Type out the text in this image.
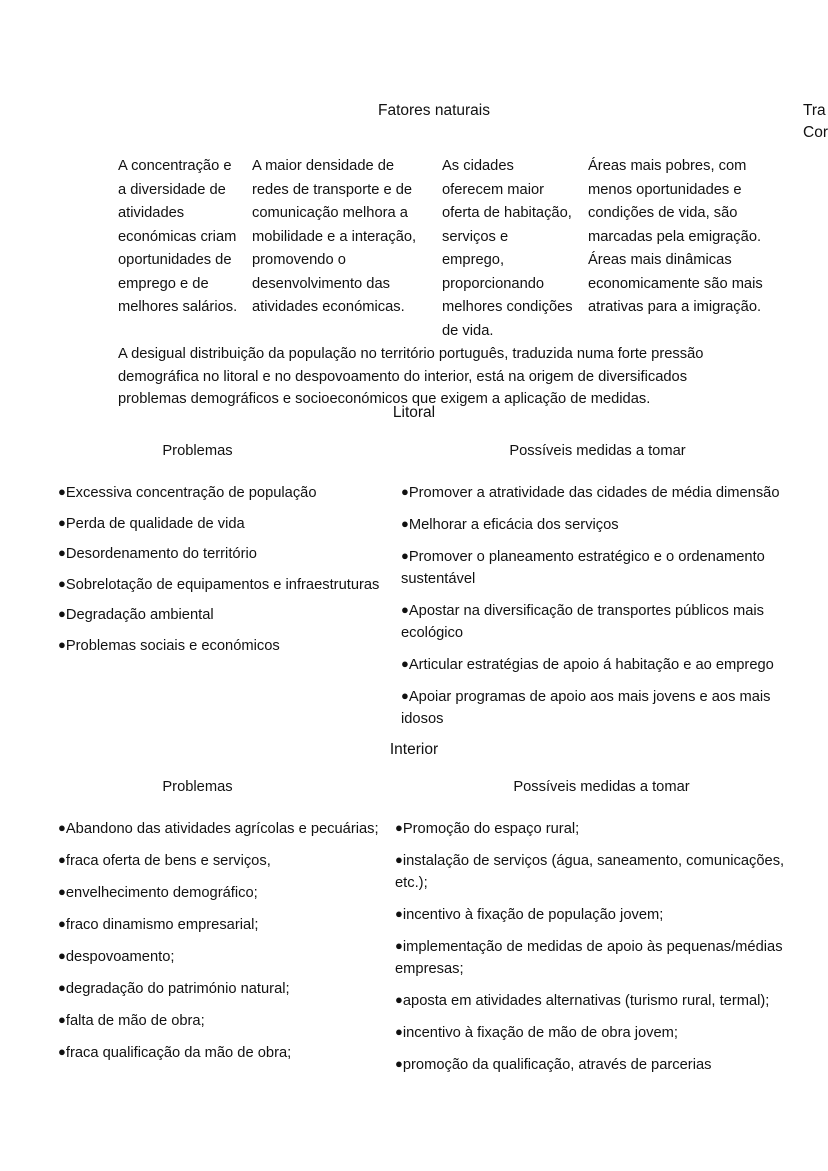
Fatores naturais	Tra
Cor
A concentração e a diversidade de atividades económicas criam oportunidades de emprego e de melhores salários.
A maior densidade de redes de transporte e de comunicação melhora a mobilidade e a interação, promovendo o desenvolvimento das atividades económicas.
As cidades oferecem maior oferta de habitação, serviços e emprego, proporcionando melhores condições de vida.
Áreas mais pobres, com menos oportunidades e condições de vida, são marcadas pela emigração. Áreas mais dinâmicas economicamente são mais atrativas para a imigração.
A desigual distribuição da população no território português, traduzida numa forte pressão demográfica no litoral e no despovoamento do interior, está na origem de diversificados problemas demográficos e socioeconómicos que exigem a aplicação de medidas.
Litoral
Problemas
●Excessiva concentração de população
●Perda de qualidade de vida
●Desordenamento do território
●Sobrelotação de equipamentos e infraestruturas
●Degradação ambiental
●Problemas sociais e económicos
Possíveis medidas a tomar
●Promover a atratividade das cidades de média dimensão
●Melhorar a eficácia dos serviços
●Promover o planeamento estratégico e o ordenamento sustentável
●Apostar na diversificação de transportes públicos mais ecológico
●Articular estratégias de apoio á habitação e ao emprego
●Apoiar programas de apoio aos mais jovens e aos mais idosos
Interior
Problemas
●Abandono das atividades agrícolas e pecuárias;
●fraca oferta de bens e serviços,
●envelhecimento demográfico;
●fraco dinamismo empresarial;
●despovoamento;
●degradação do património natural;
●falta de mão de obra;
●fraca qualificação da mão de obra;
Possíveis medidas a tomar
●Promoção do espaço rural;
●instalação de serviços (água, saneamento, comunicações, etc.);
●incentivo à fixação de população jovem;
●implementação de medidas de apoio às pequenas/médias empresas;
●aposta em atividades alternativas (turismo rural, termal);
●incentivo à fixação de mão de obra jovem;
●promoção da qualificação, através de parcerias
